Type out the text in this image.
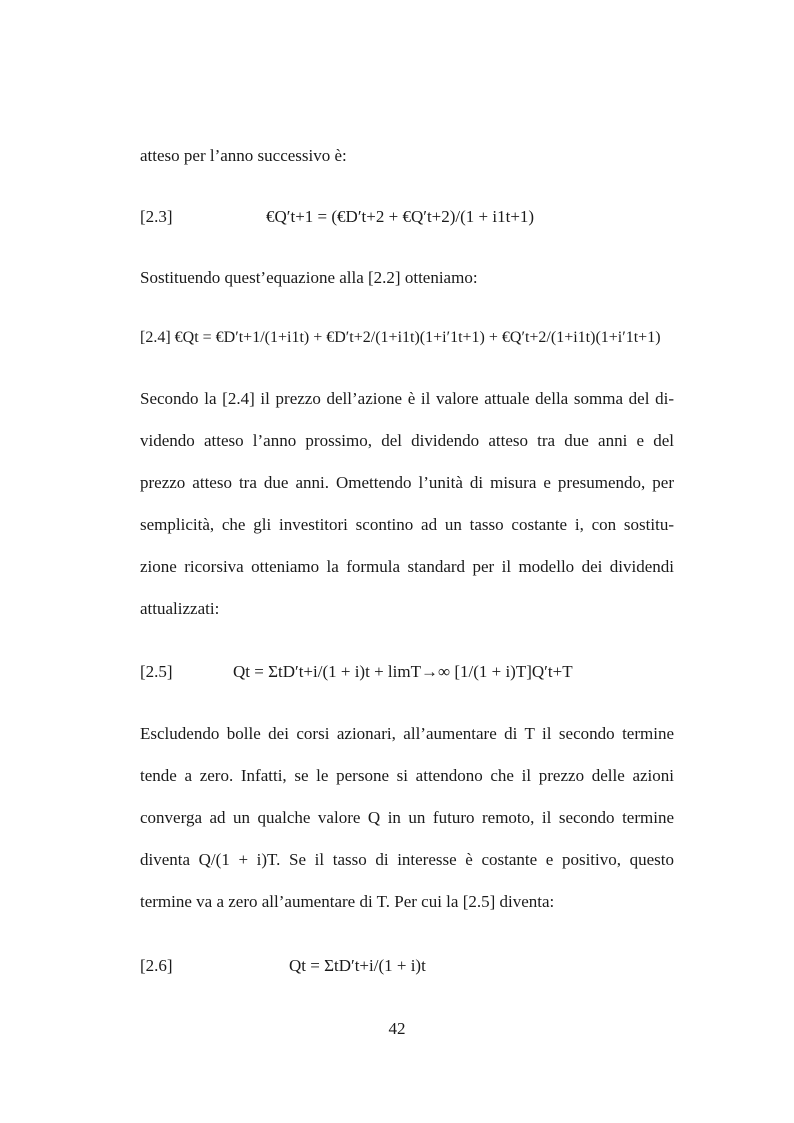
atteso per l’anno successivo è:
[2.3]	€Q′t+1 = (€D′t+2 + €Q′t+2)/(1 + i1t+1)
Sostituendo quest’equazione alla [2.2] otteniamo:
[2.4] €Qt = €D′t+1/(1+i1t) + €D′t+2/(1+i1t)(1+i′1t+1) + €Q′t+2/(1+i1t)(1+i′1t+1)
Secondo la [2.4] il prezzo dell’azione è il valore attuale della somma del di-
videndo atteso l’anno prossimo, del dividendo atteso tra due anni e del
prezzo atteso tra due anni. Omettendo l’unità di misura e presumendo, per
semplicità, che gli investitori scontino ad un tasso costante i, con sostitu-
zione ricorsiva otteniamo la formula standard per il modello dei dividendi
attualizzati:
[2.5]	Qt = ΣtD′t+i/(1 + i)t + limT→∞ [1/(1 + i)T]Q′t+T
Escludendo bolle dei corsi azionari, all’aumentare di T il secondo termine
tende a zero. Infatti, se le persone si attendono che il prezzo delle azioni
converga ad un qualche valore Q in un futuro remoto, il secondo termine
diventa Q/(1 + i)T. Se il tasso di interesse è costante e positivo, questo
termine va a zero all’aumentare di T. Per cui la [2.5] diventa:
[2.6]	Qt = ΣtD′t+i/(1 + i)t
42
